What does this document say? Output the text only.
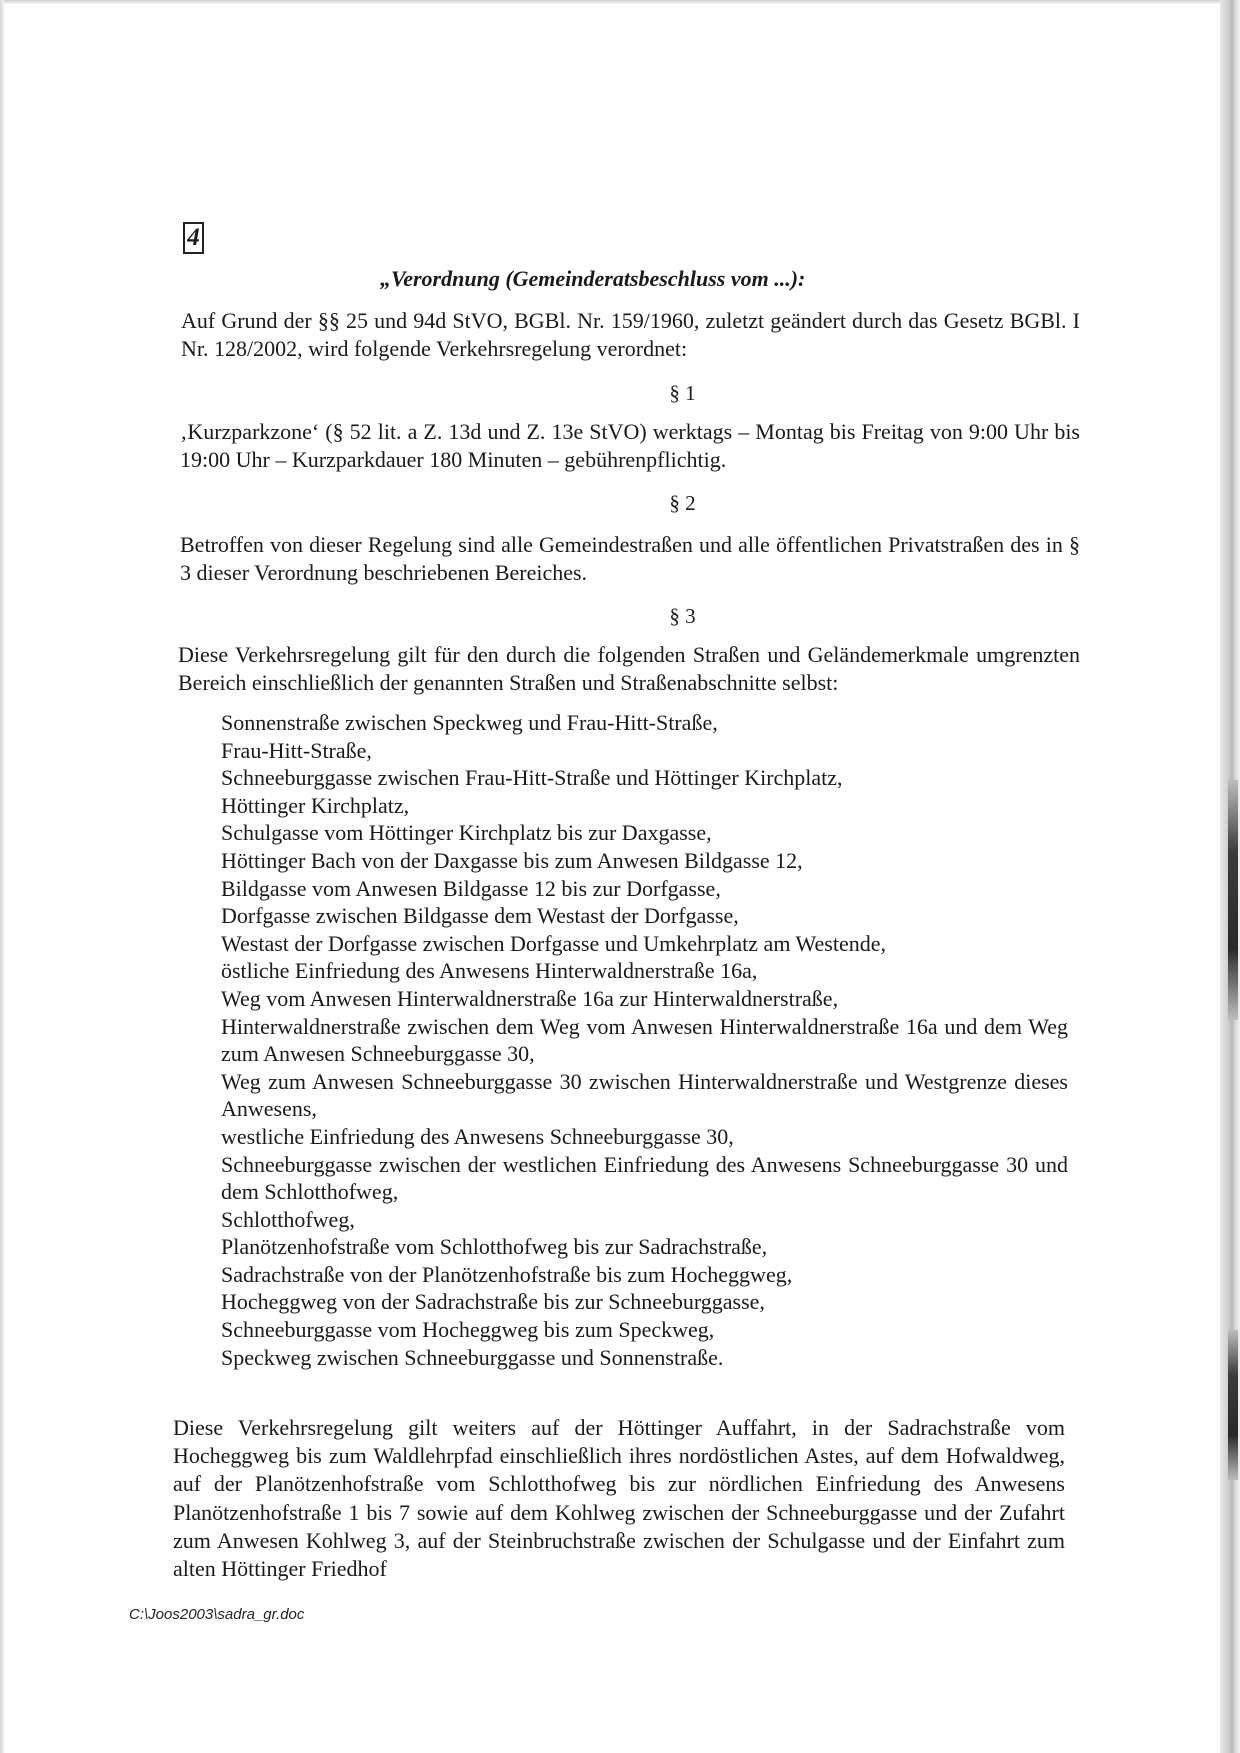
4
„Verordnung (Gemeinderatsbeschluss vom ...):
Auf Grund der §§ 25 und 94d StVO, BGBl. Nr. 159/1960, zuletzt geändert durch das Gesetz BGBl. I Nr. 128/2002, wird folgende Verkehrsregelung verordnet:
§ 1
‚Kurzparkzone‘ (§ 52 lit. a Z. 13d und Z. 13e StVO) werktags – Montag bis Freitag von 9:00 Uhr bis 19:00 Uhr – Kurzparkdauer 180 Minuten – gebührenpflichtig.
§ 2
Betroffen von dieser Regelung sind alle Gemeindestraßen und alle öffentlichen Privatstraßen des in § 3 dieser Verordnung beschriebenen Bereiches.
§ 3
Diese Verkehrsregelung gilt für den durch die folgenden Straßen und Geländemerkmale umgrenzten Bereich einschließlich der genannten Straßen und Straßenabschnitte selbst:
Sonnenstraße zwischen Speckweg und Frau-Hitt-Straße,
Frau-Hitt-Straße,
Schneeburggasse zwischen Frau-Hitt-Straße und Höttinger Kirchplatz,
Höttinger Kirchplatz,
Schulgasse vom Höttinger Kirchplatz bis zur Daxgasse,
Höttinger Bach von der Daxgasse bis zum Anwesen Bildgasse 12,
Bildgasse vom Anwesen Bildgasse 12 bis zur Dorfgasse,
Dorfgasse zwischen Bildgasse dem Westast der Dorfgasse,
Westast der Dorfgasse zwischen Dorfgasse und Umkehrplatz am Westende,
östliche Einfriedung des Anwesens Hinterwaldnerstraße 16a,
Weg vom Anwesen Hinterwaldnerstraße 16a zur Hinterwaldnerstraße,
Hinterwaldnerstraße zwischen dem Weg vom Anwesen Hinterwaldnerstraße 16a und dem Weg zum Anwesen Schneeburggasse 30,
Weg zum Anwesen Schneeburggasse 30 zwischen Hinterwaldnerstraße und Westgrenze dieses Anwesens,
westliche Einfriedung des Anwesens Schneeburggasse 30,
Schneeburggasse zwischen der westlichen Einfriedung des Anwesens Schneeburggasse 30 und dem Schlotthofweg,
Schlotthofweg,
Planötzenhofstraße vom Schlotthofweg bis zur Sadrachstraße,
Sadrachstraße von der Planötzenhofstraße bis zum Hocheggweg,
Hocheggweg von der Sadrachstraße bis zur Schneeburggasse,
Schneeburggasse vom Hocheggweg bis zum Speckweg,
Speckweg zwischen Schneeburggasse und Sonnenstraße.
Diese Verkehrsregelung gilt weiters auf der Höttinger Auffahrt, in der Sadrachstraße vom Hocheggweg bis zum Waldlehrpfad einschließlich ihres nordöstlichen Astes, auf dem Hofwaldweg, auf der Planötzenhofstraße vom Schlotthofweg bis zur nördlichen Einfriedung des Anwesens Planötzenhofstraße 1 bis 7 sowie auf dem Kohlweg zwischen der Schneeburggasse und der Zufahrt zum Anwesen Kohlweg 3, auf der Steinbruchstraße zwischen der Schulgasse und der Einfahrt zum alten Höttinger Friedhof
C:\Joos2003\sadra_gr.doc
